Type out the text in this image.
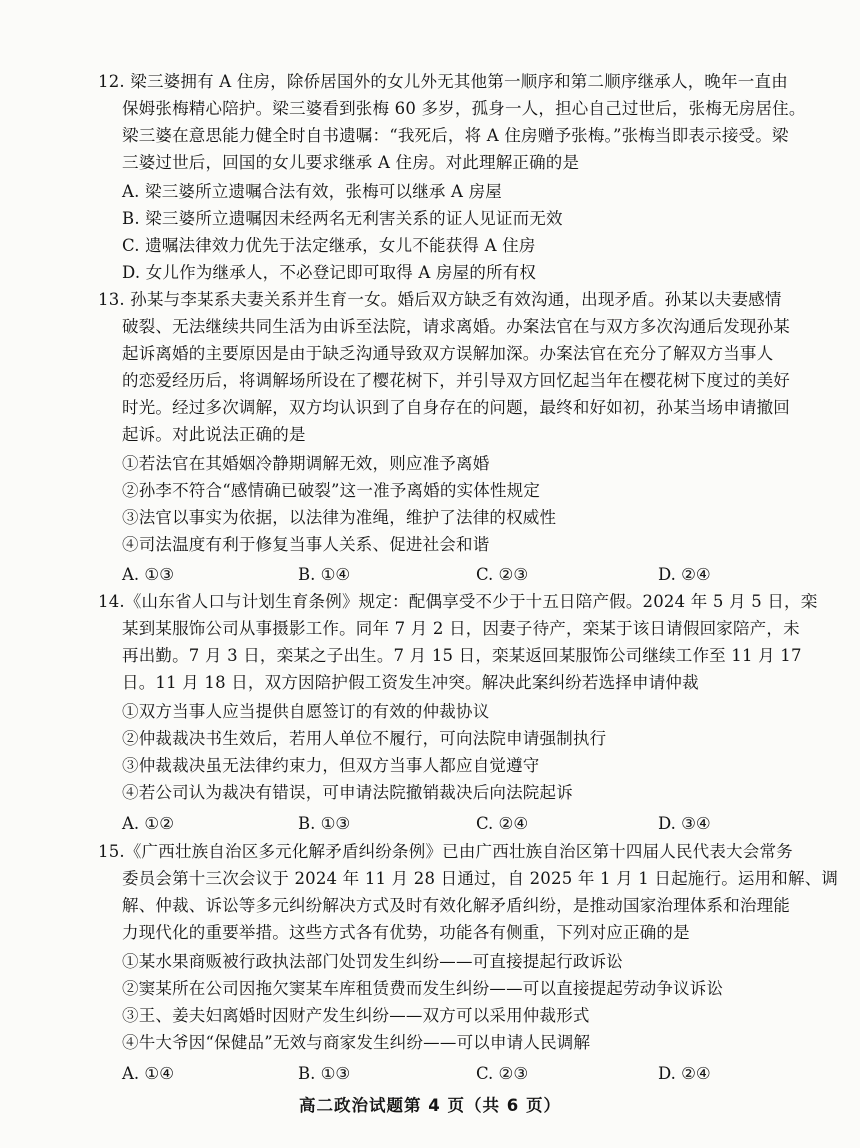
12. 梁三婆拥有 A 住房，除侨居国外的女儿外无其他第一顺序和第二顺序继承人，晚年一直由
保姆张梅精心陪护。梁三婆看到张梅 60 多岁，孤身一人，担心自己过世后，张梅无房居住。
梁三婆在意思能力健全时自书遗嘱：“我死后，将 A 住房赠予张梅。”张梅当即表示接受。梁
三婆过世后，回国的女儿要求继承 A 住房。对此理解正确的是
A. 梁三婆所立遗嘱合法有效，张梅可以继承 A 房屋
B. 梁三婆所立遗嘱因未经两名无利害关系的证人见证而无效
C. 遗嘱法律效力优先于法定继承，女儿不能获得 A 住房
D. 女儿作为继承人，不必登记即可取得 A 房屋的所有权
13. 孙某与李某系夫妻关系并生育一女。婚后双方缺乏有效沟通，出现矛盾。孙某以夫妻感情
破裂、无法继续共同生活为由诉至法院，请求离婚。办案法官在与双方多次沟通后发现孙某
起诉离婚的主要原因是由于缺乏沟通导致双方误解加深。办案法官在充分了解双方当事人
的恋爱经历后，将调解场所设在了樱花树下，并引导双方回忆起当年在樱花树下度过的美好
时光。经过多次调解，双方均认识到了自身存在的问题，最终和好如初，孙某当场申请撤回
起诉。对此说法正确的是
①若法官在其婚姻冷静期调解无效，则应准予离婚
②孙李不符合“感情确已破裂”这一准予离婚的实体性规定
③法官以事实为依据，以法律为准绳，维护了法律的权威性
④司法温度有利于修复当事人关系、促进社会和谐
A. ①③	B. ①④	C. ②③	D. ②④
14.《山东省人口与计划生育条例》规定：配偶享受不少于十五日陪产假。2024 年 5 月 5 日，栾
某到某服饰公司从事摄影工作。同年 7 月 2 日，因妻子待产，栾某于该日请假回家陪产，未
再出勤。7 月 3 日，栾某之子出生。7 月 15 日，栾某返回某服饰公司继续工作至 11 月 17
日。11 月 18 日，双方因陪护假工资发生冲突。解决此案纠纷若选择申请仲裁
①双方当事人应当提供自愿签订的有效的仲裁协议
②仲裁裁决书生效后，若用人单位不履行，可向法院申请强制执行
③仲裁裁决虽无法律约束力，但双方当事人都应自觉遵守
④若公司认为裁决有错误，可申请法院撤销裁决后向法院起诉
A. ①②	B. ①③	C. ②④	D. ③④
15.《广西壮族自治区多元化解矛盾纠纷条例》已由广西壮族自治区第十四届人民代表大会常务
委员会第十三次会议于 2024 年 11 月 28 日通过，自 2025 年 1 月 1 日起施行。运用和解、调
解、仲裁、诉讼等多元纠纷解决方式及时有效化解矛盾纠纷，是推动国家治理体系和治理能
力现代化的重要举措。这些方式各有优势，功能各有侧重，下列对应正确的是
①某水果商贩被行政执法部门处罚发生纠纷——可直接提起行政诉讼
②窦某所在公司因拖欠窦某车库租赁费而发生纠纷——可以直接提起劳动争议诉讼
③王、姜夫妇离婚时因财产发生纠纷——双方可以采用仲裁形式
④牛大爷因“保健品”无效与商家发生纠纷——可以申请人民调解
A. ①④	B. ①③	C. ②③	D. ②④
高二政治试题第 4 页（共 6 页）
